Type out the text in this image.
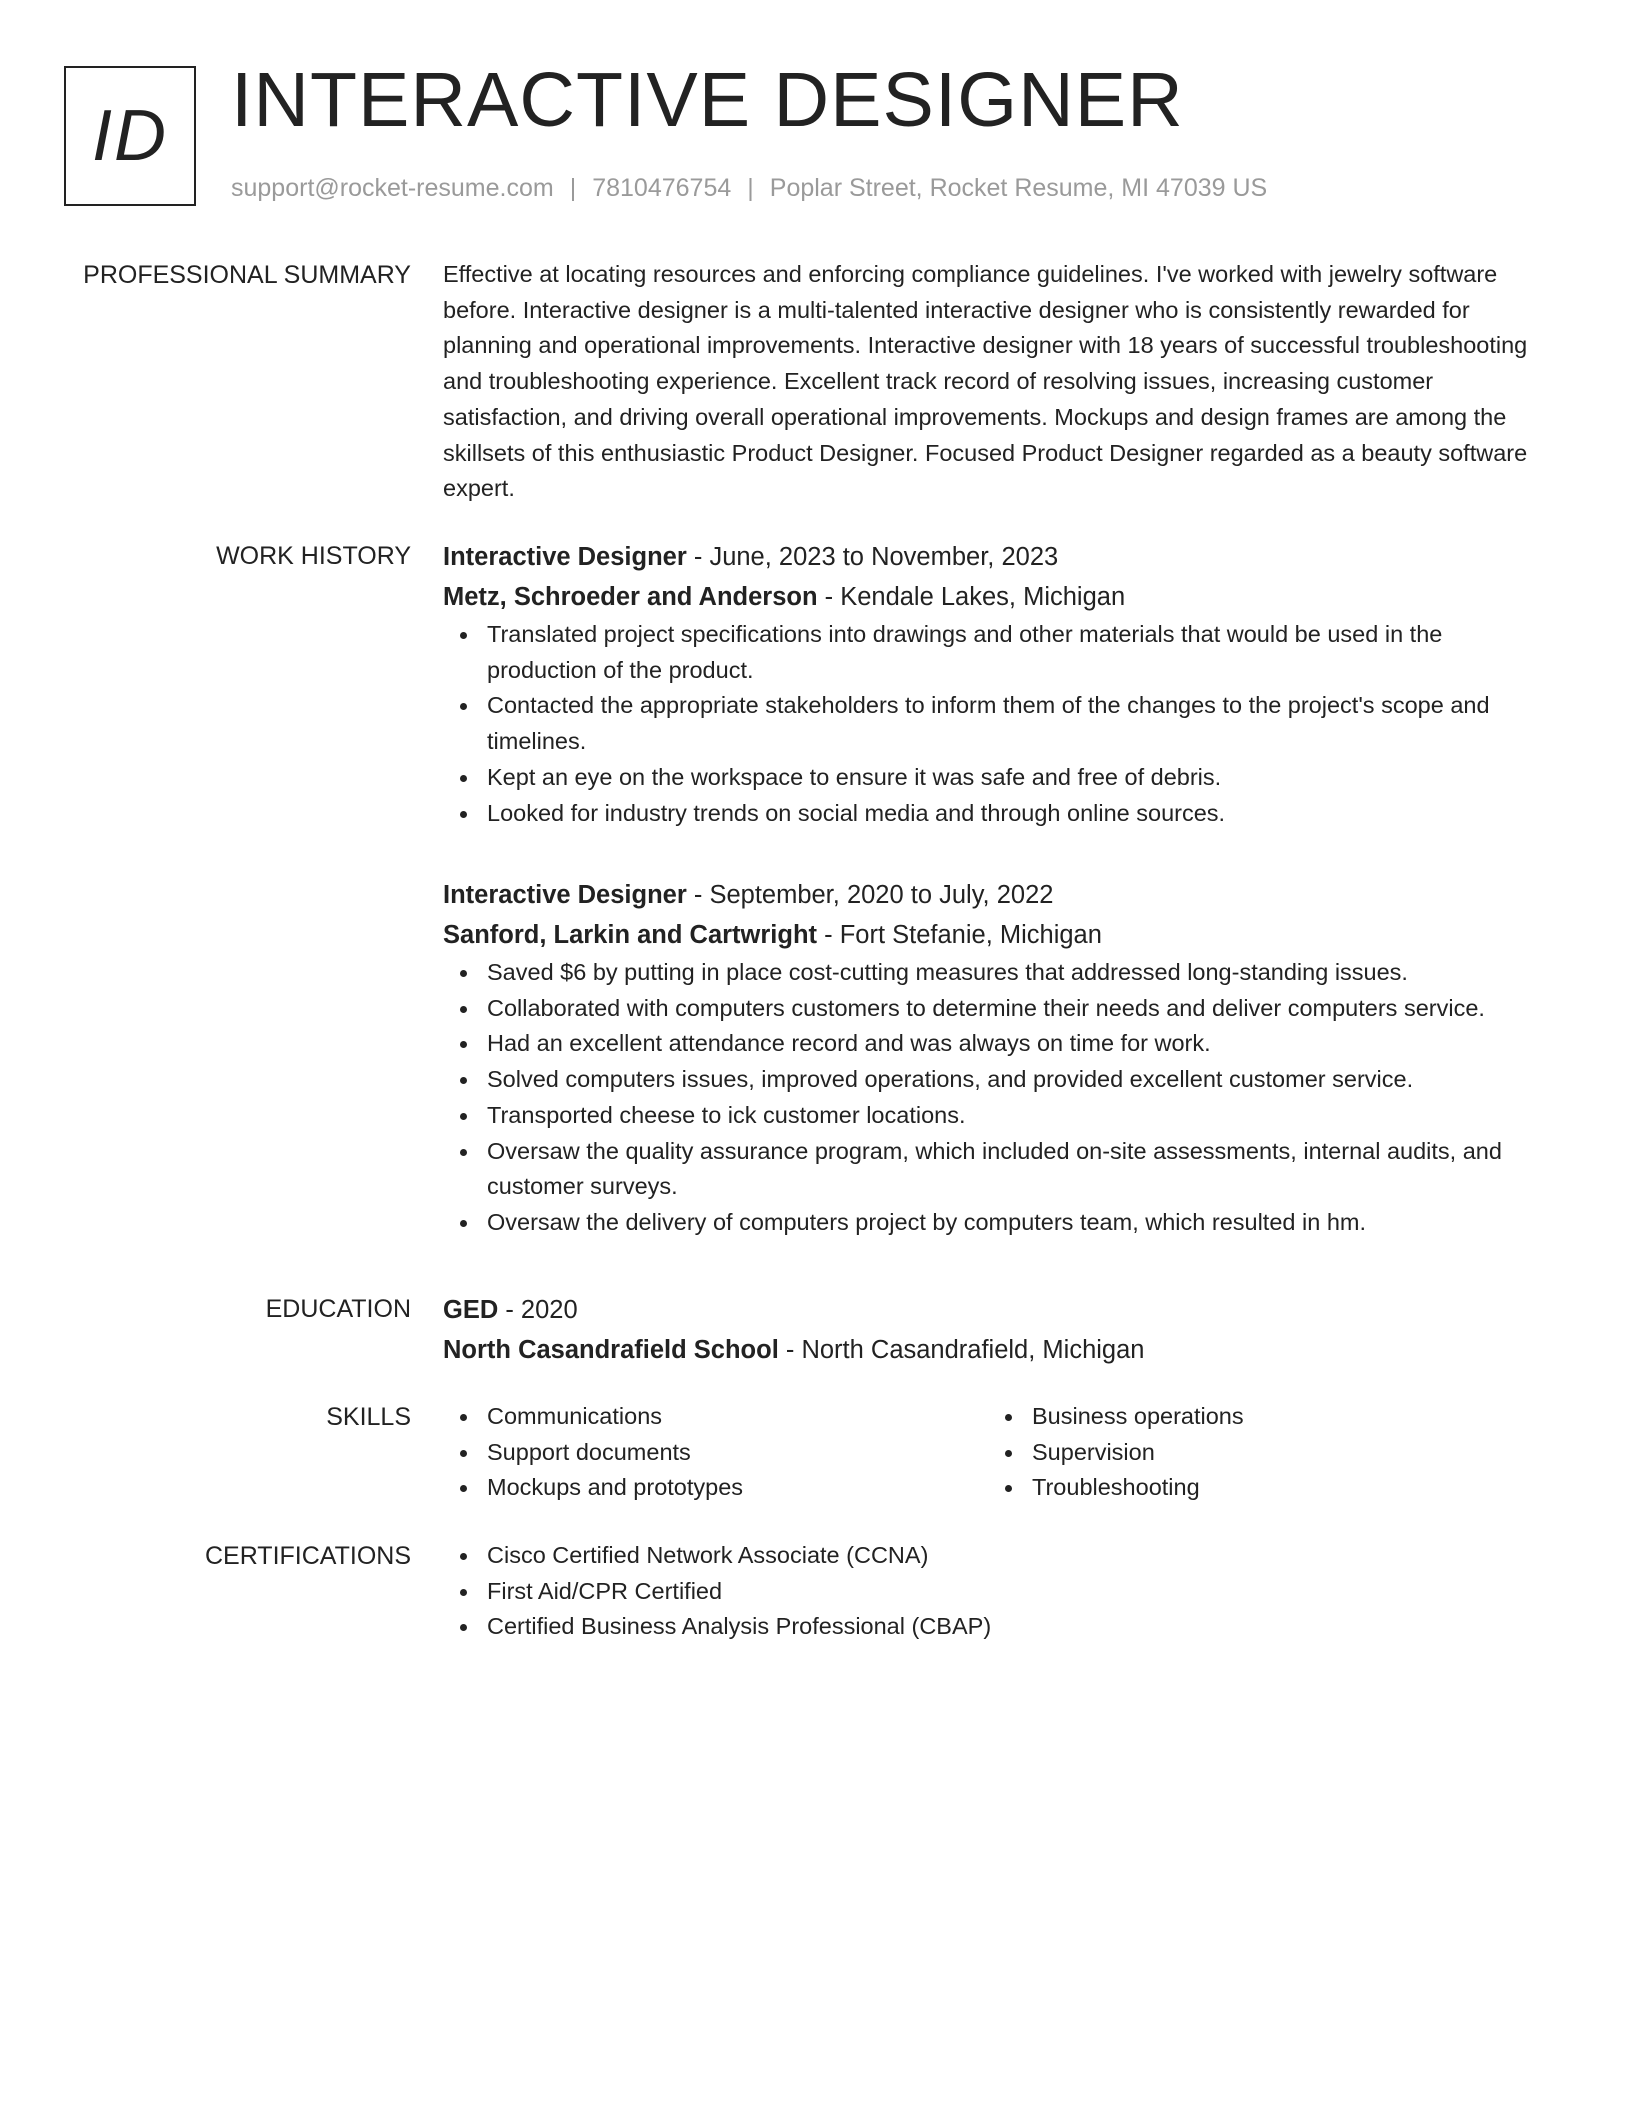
ID INTERACTIVE DESIGNER
support@rocket-resume.com | 7810476754 | Poplar Street, Rocket Resume, MI 47039 US
PROFESSIONAL SUMMARY Effective at locating resources and enforcing compliance guidelines. I've worked with jewelry software before. Interactive designer is a multi-talented interactive designer who is consistently rewarded for planning and operational improvements. Interactive designer with 18 years of successful troubleshooting and troubleshooting experience. Excellent track record of resolving issues, increasing customer satisfaction, and driving overall operational improvements. Mockups and design frames are among the skillsets of this enthusiastic Product Designer. Focused Product Designer regarded as a beauty software expert.

WORK HISTORY Interactive Designer - June, 2023 to November, 2023
Metz, Schroeder and Anderson - Kendale Lakes, Michigan
Translated project specifications into drawings and other materials that would be used in the production of the product.
Contacted the appropriate stakeholders to inform them of the changes to the project's scope and timelines.
Kept an eye on the workspace to ensure it was safe and free of debris.
Looked for industry trends on social media and through online sources.
Interactive Designer - September, 2020 to July, 2022
Sanford, Larkin and Cartwright - Fort Stefanie, Michigan
Saved $6 by putting in place cost-cutting measures that addressed long-standing issues.
Collaborated with computers customers to determine their needs and deliver computers service.
Had an excellent attendance record and was always on time for work.
Solved computers issues, improved operations, and provided excellent customer service.
Transported cheese to ick customer locations.
Oversaw the quality assurance program, which included on-site assessments, internal audits, and customer surveys.
Oversaw the delivery of computers project by computers team, which resulted in hm.
EDUCATION GED - 2020
North Casandrafield School - North Casandrafield, Michigan
SKILLS	Communications
Support documents
Mockups and prototypes
Business operations
Supervision
Troubleshooting
CERTIFICATIONS	Cisco Certified Network Associate (CCNA)
First Aid/CPR Certified
Certified Business Analysis Professional (CBAP)
